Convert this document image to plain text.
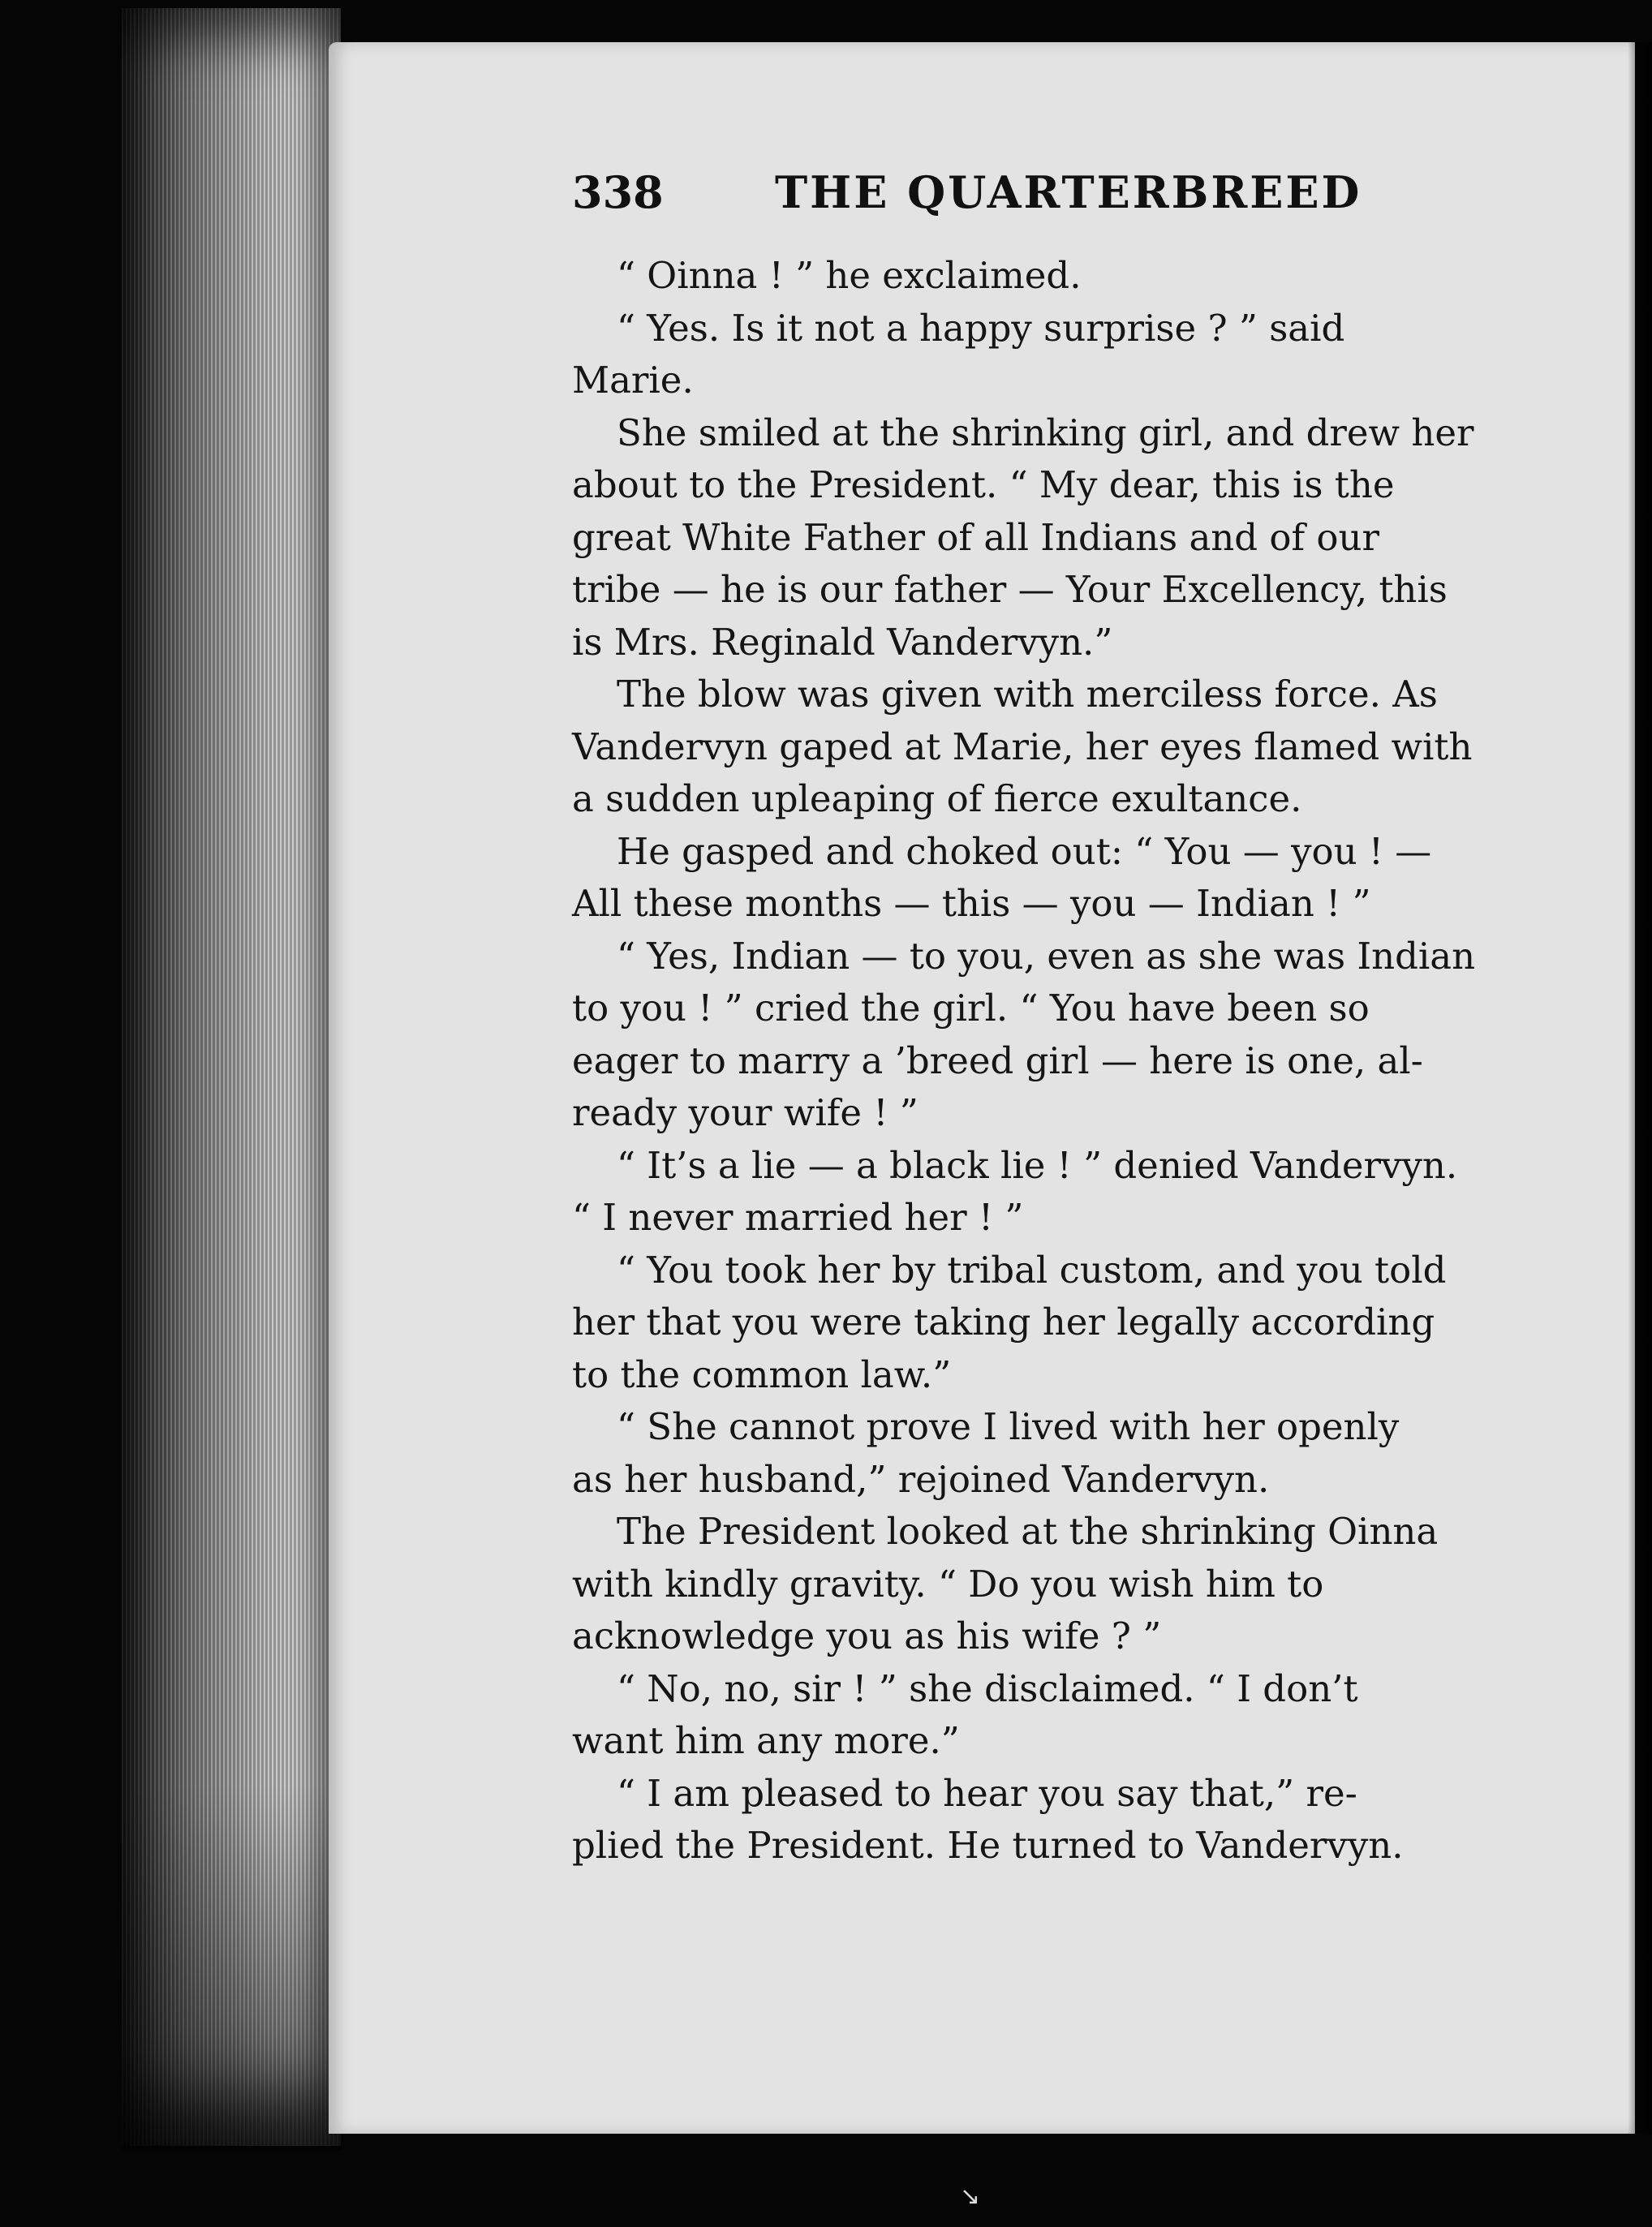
338	THE QUARTERBREED

“ Oinna ! ” he exclaimed.

“ Yes. Is it not a happy surprise ? ” said
Marie.

She smiled at the shrinking girl, and drew her
about to the President. “ My dear, this is the
great White Father of all Indians and of our
tribe — he is our father — Your Excellency, this
is Mrs. Reginald Vandervyn.”

The blow was given with merciless force. As
Vandervyn gaped at Marie, her eyes flamed with
a sudden upleaping of fierce exultance.

He gasped and choked out: “ You — you ! —
All these months — this — you — Indian ! ”

“ Yes, Indian — to you, even as she was Indian
to you ! ” cried the girl. “ You have been so
eager to marry a ’breed girl — here is one, al-
ready your wife ! ”

“ It’s a lie — a black lie ! ” denied Vandervyn.
“ I never married her ! ”

“ You took her by tribal custom, and you told
her that you were taking her legally according
to the common law.”

“ She cannot prove I lived with her openly
as her husband,” rejoined Vandervyn.

The President looked at the shrinking Oinna
with kindly gravity. “ Do you wish him to
acknowledge you as his wife ? ”

“ No, no, sir ! ” she disclaimed. “ I don’t
want him any more.”

“ I am pleased to hear you say that,” re-
plied the President. He turned to Vandervyn.

↘
